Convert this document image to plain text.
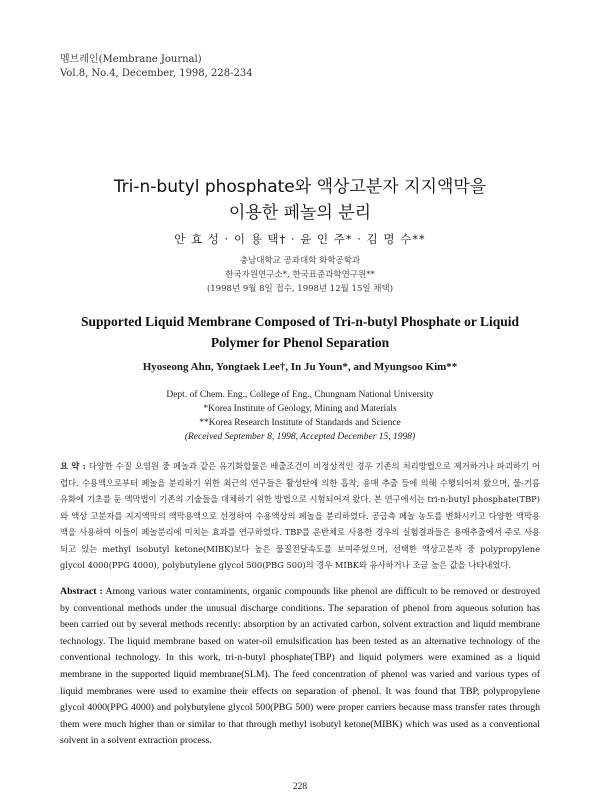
멤브레인(Membrane Journal)
Vol.8, No.4, December, 1998, 228-234
Tri-n-butyl phosphate와 액상고분자 지지액막을
이용한 페놀의 분리
안 효 성 · 이 용 택† · 윤 인 주* · 김 명 수**
충남대학교 공과대학 화학공학과
한국자원연구소*, 한국표준과학연구원**
(1998년 9월 8일 접수, 1998년 12월 15일 채택)
Supported Liquid Membrane Composed of Tri-n-butyl Phosphate or Liquid
Polymer for Phenol Separation
Hyoseong Ahn, Yongtaek Lee†, In Ju Youn*, and Myungsoo Kim**
Dept. of Chem. Eng., College of Eng., Chungnam National University
*Korea Institute of Geology, Mining and Materials
**Korea Research Institute of Standards and Science
(Received September 8, 1998, Accepted December 15, 1998)
요 약 : 다양한 수질 오염원 중 페놀과 같은 유기화합물은 배출조건이 비정상적인 경우 기존의 처리방법으로 제거하거나 파괴하기 어렵다. 수용액으로부터 페놀을 분리하기 위한 최근의 연구들은 활성탄에 의한 흡착, 용매 추출 등에 의해 수행되어져 왔으며, 물-기름 유화에 기초를 둔 액막법이 기존의 기술들을 대체하기 위한 방법으로 시험되어져 왔다. 본 연구에서는 tri-n-butyl phosphate(TBP)와 액상 고분자를 지지액막의 액막용액으로 선정하여 수용액상의 페놀을 분리하였다. 공급측 페놀 농도를 변화시키고 다양한 액막용액을 사용하여 이들이 페놀분리에 미치는 효과를 연구하였다. TBP를 운반체로 사용한 경우의 실험결과들은 용매추출에서 주로 사용되고 있는 methyl isobutyl ketone(MIBK)보다 높은 물질전달속도를 보여주었으며, 선택한 액상고분자 중 polypropylene glycol 4000(PPG 4000), polybutylene glycol 500(PBG 500)의 경우 MIBK와 유사하거나 조금 높은 값을 나타내었다.
Abstract : Among various water contaminents, organic compounds like phenol are difficult to be removed or destroyed by conventional methods under the unusual discharge conditions. The separation of phenol from aqueous solution has been carried out by several methods recently: absorption by an activated carbon, solvent extraction and liquid membrane technology. The liquid membrane based on water-oil emulsification has been tested as an alternative technology of the conventional technology. In this work, tri-n-butyl phosphate(TBP) and liquid polymers were examined as a liquid membrane in the supported liquid membrane(SLM). The feed concentration of phenol was varied and various types of liquid membranes were used to examine their effects on separation of phenol. It was found that TBP, polypropylene glycol 4000(PPG 4000) and polybutylene glycol 500(PBG 500) were proper carriers because mass transfer rates through them were much higher than or similar to that through methyl isobutyl ketone(MIBK) which was used as a conventional solvent in a solvent extraction process.
228
